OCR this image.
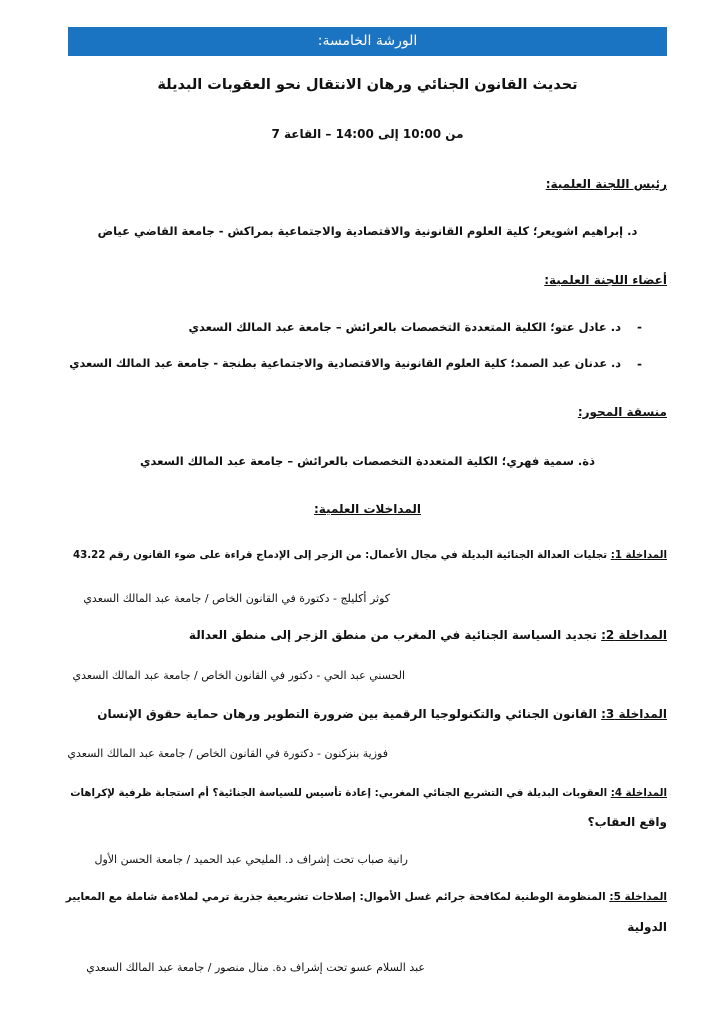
الورشة الخامسة:
تحديث القانون الجنائي ورهان الانتقال نحو العقوبات البديلة
من 10:00 إلى 14:00 – القاعة 7
رئيس اللجنة العلمية:
د. إبراهيم اشويعر؛ كلية العلوم القانونية والاقتصادية والاجتماعية بمراكش - جامعة القاضي عياض
أعضاء اللجنة العلمية:
-
د. عادل عتو؛ الكلية المتعددة التخصصات بالعرائش – جامعة عبد المالك السعدي
-
د. عدنان عبد الصمد؛ كلية العلوم القانونية والاقتصادية والاجتماعية بطنجة - جامعة عبد المالك السعدي
منسقة المحور:
ذة. سمية فهري؛ الكلية المتعددة التخصصات بالعرائش – جامعة عبد المالك السعدي
المداخلات العلمية:
المداخلة 1: تجليات العدالة الجنائية البديلة في مجال الأعمال: من الزجر إلى الإدماج قراءة على ضوء القانون رقم 43.22
كوثر أكليلج - دكتورة في القانون الخاص / جامعة عبد المالك السعدي
المداخلة 2: تجديد السياسة الجنائية في المغرب من منطق الزجر إلى منطق العدالة
الحسني عبد الحي - دكتور في القانون الخاص / جامعة عبد المالك السعدي
المداخلة 3: القانون الجنائي والتكنولوجيا الرقمية بين ضرورة التطوير ورهان حماية حقوق الإنسان
فوزية بنزكنون - دكتورة في القانون الخاص / جامعة عبد المالك السعدي
المداخلة 4: العقوبات البديلة في التشريع الجنائي المغربي: إعادة تأسيس للسياسة الجنائية؟ أم استجابة ظرفية لإكراهات
واقع العقاب؟
رانية صباب تحت إشراف د. المليحي عبد الحميد / جامعة الحسن الأول
المداخلة 5: المنظومة الوطنية لمكافحة جرائم غسل الأموال: إصلاحات تشريعية جذرية ترمي لملاءمة شاملة مع المعايير
الدولية
عبد السلام عسو تحت إشراف دة. منال منصور / جامعة عبد المالك السعدي
